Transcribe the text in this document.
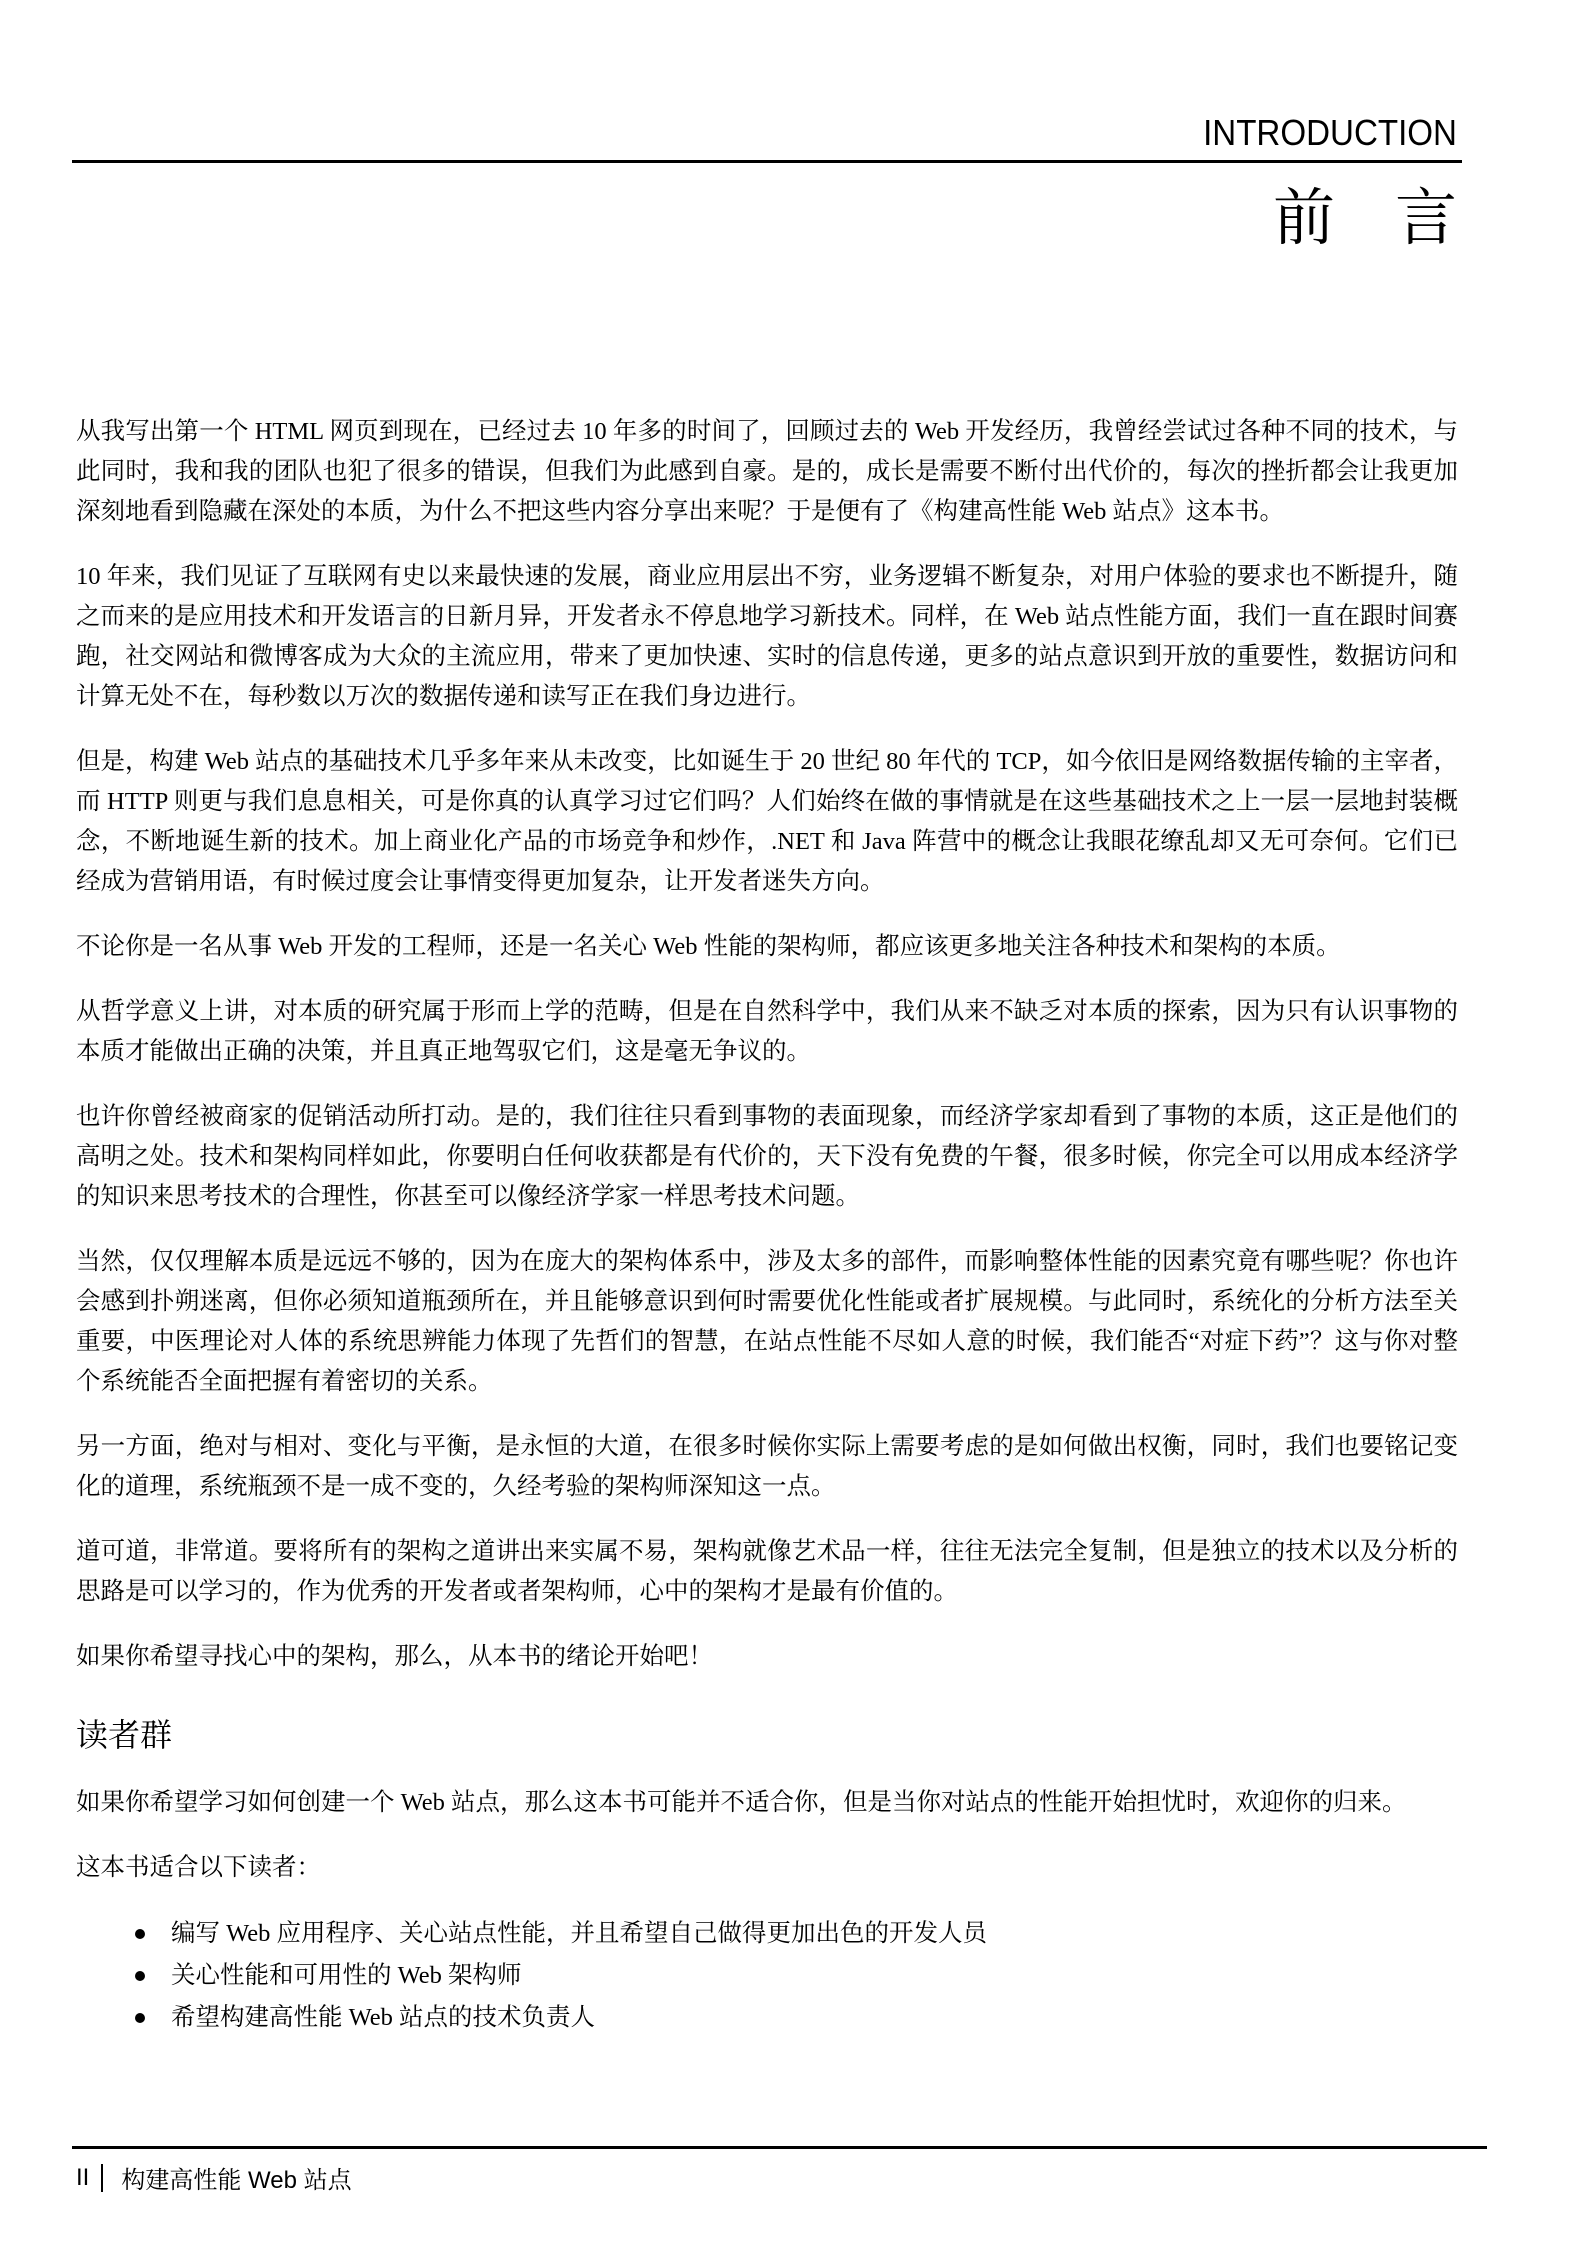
INTRODUCTION
前言

从我写出第一个 HTML 网页到现在，已经过去 10 年多的时间了，回顾过去的 Web 开发经历，我曾经尝试过各种不同的技术，与此同时，我和我的团队也犯了很多的错误，但我们为此感到自豪。是的，成长是需要不断付出代价的，每次的挫折都会让我更加深刻地看到隐藏在深处的本质，为什么不把这些内容分享出来呢？于是便有了《构建高性能 Web 站点》这本书。

10 年来，我们见证了互联网有史以来最快速的发展，商业应用层出不穷，业务逻辑不断复杂，对用户体验的要求也不断提升，随之而来的是应用技术和开发语言的日新月异，开发者永不停息地学习新技术。同样，在 Web 站点性能方面，我们一直在跟时间赛跑，社交网站和微博客成为大众的主流应用，带来了更加快速、实时的信息传递，更多的站点意识到开放的重要性，数据访问和计算无处不在，每秒数以万次的数据传递和读写正在我们身边进行。

但是，构建 Web 站点的基础技术几乎多年来从未改变，比如诞生于 20 世纪 80 年代的 TCP，如今依旧是网络数据传输的主宰者，而 HTTP 则更与我们息息相关，可是你真的认真学习过它们吗？人们始终在做的事情就是在这些基础技术之上一层一层地封装概念，不断地诞生新的技术。加上商业化产品的市场竞争和炒作，.NET 和 Java 阵营中的概念让我眼花缭乱却又无可奈何。它们已经成为营销用语，有时候过度会让事情变得更加复杂，让开发者迷失方向。

不论你是一名从事 Web 开发的工程师，还是一名关心 Web 性能的架构师，都应该更多地关注各种技术和架构的本质。

从哲学意义上讲，对本质的研究属于形而上学的范畴，但是在自然科学中，我们从来不缺乏对本质的探索，因为只有认识事物的本质才能做出正确的决策，并且真正地驾驭它们，这是毫无争议的。

也许你曾经被商家的促销活动所打动。是的，我们往往只看到事物的表面现象，而经济学家却看到了事物的本质，这正是他们的高明之处。技术和架构同样如此，你要明白任何收获都是有代价的，天下没有免费的午餐，很多时候，你完全可以用成本经济学的知识来思考技术的合理性，你甚至可以像经济学家一样思考技术问题。

当然，仅仅理解本质是远远不够的，因为在庞大的架构体系中，涉及太多的部件，而影响整体性能的因素究竟有哪些呢？你也许会感到扑朔迷离，但你必须知道瓶颈所在，并且能够意识到何时需要优化性能或者扩展规模。与此同时，系统化的分析方法至关重要，中医理论对人体的系统思辨能力体现了先哲们的智慧，在站点性能不尽如人意的时候，我们能否“对症下药”？这与你对整个系统能否全面把握有着密切的关系。

另一方面，绝对与相对、变化与平衡，是永恒的大道，在很多时候你实际上需要考虑的是如何做出权衡，同时，我们也要铭记变化的道理，系统瓶颈不是一成不变的，久经考验的架构师深知这一点。

道可道，非常道。要将所有的架构之道讲出来实属不易，架构就像艺术品一样，往往无法完全复制，但是独立的技术以及分析的思路是可以学习的，作为优秀的开发者或者架构师，心中的架构才是最有价值的。

如果你希望寻找心中的架构，那么，从本书的绪论开始吧！

读者群

如果你希望学习如何创建一个 Web 站点，那么这本书可能并不适合你，但是当你对站点的性能开始担忧时，欢迎你的归来。

这本书适合以下读者：

编写 Web 应用程序、关心站点性能，并且希望自己做得更加出色的开发人员
关心性能和可用性的 Web 架构师
希望构建高性能 Web 站点的技术负责人
II 构建高性能 Web 站点
